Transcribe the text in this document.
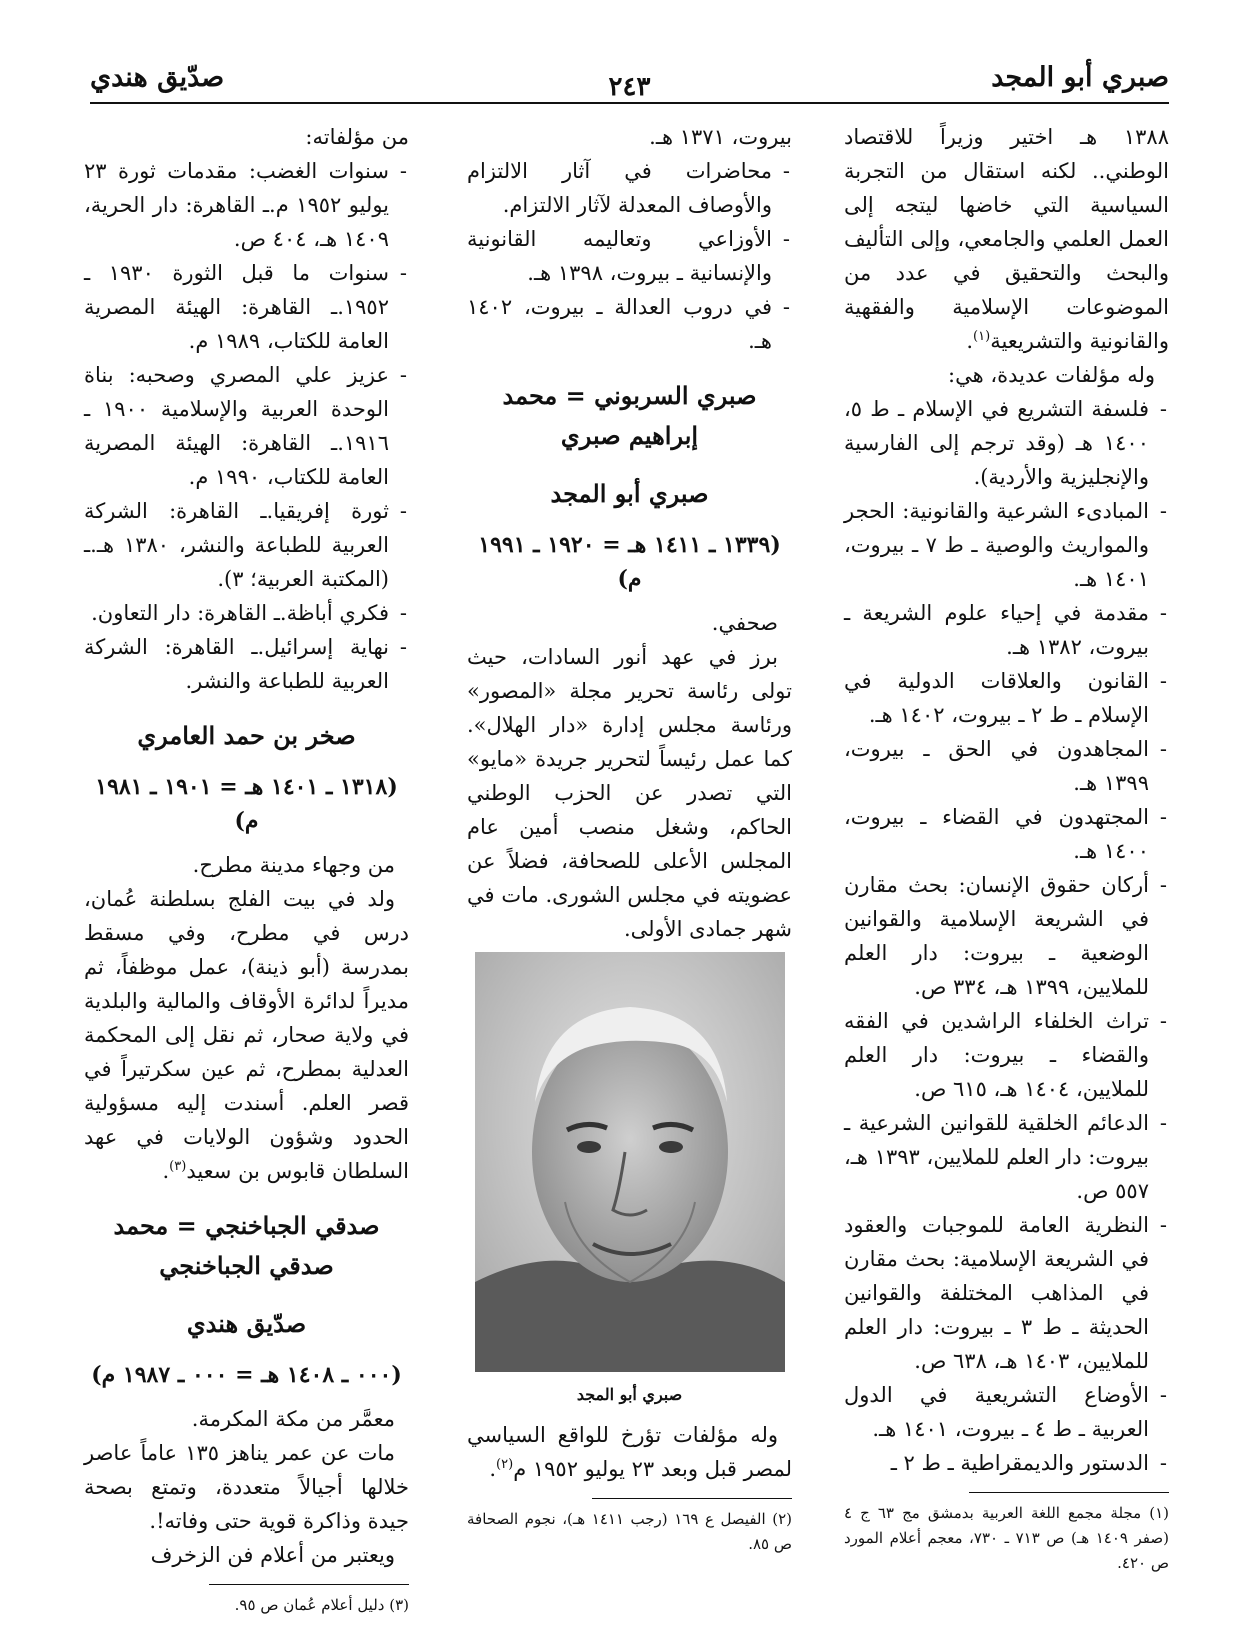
صبري أبو المجد
٢٤٣
صدّيق هندي

١٣٨٨ هـ اختير وزيراً للاقتصاد الوطني.. لكنه استقال من التجربة السياسية التي خاضها ليتجه إلى العمل العلمي والجامعي، وإلى التأليف والبحث والتحقيق في عدد من الموضوعات الإسلامية والفقهية والقانونية والتشريعية$^{(١)}$.

وله مؤلفات عديدة، هي:

- فلسفة التشريع في الإسلام ـ ط ٥، ١٤٠٠ هـ (وقد ترجم إلى الفارسية والإنجليزية والأردية).

- المبادىء الشرعية والقانونية: الحجر والمواريث والوصية ـ ط ٧ ـ بيروت، ١٤٠١ هـ.

- مقدمة في إحياء علوم الشريعة ـ بيروت، ١٣٨٢ هـ.

- القانون والعلاقات الدولية في الإسلام ـ ط ٢ ـ بيروت، ١٤٠٢ هـ.

- المجاهدون في الحق ـ بيروت، ١٣٩٩ هـ.

- المجتهدون في القضاء ـ بيروت، ١٤٠٠ هـ.

- أركان حقوق الإنسان: بحث مقارن في الشريعة الإسلامية والقوانين الوضعية ـ بيروت: دار العلم للملايين، ١٣٩٩ هـ، ٣٣٤ ص.

- تراث الخلفاء الراشدين في الفقه والقضاء ـ بيروت: دار العلم للملايين، ١٤٠٤ هـ، ٦١٥ ص.

- الدعائم الخلقية للقوانين الشرعية ـ بيروت: دار العلم للملايين، ١٣٩٣ هـ، ٥٥٧ ص.

- النظرية العامة للموجبات والعقود في الشريعة الإسلامية: بحث مقارن في المذاهب المختلفة والقوانين الحديثة ـ ط ٣ ـ بيروت: دار العلم للملايين، ١٤٠٣ هـ، ٦٣٨ ص.

- الأوضاع التشريعية في الدول العربية ـ ط ٤ ـ بيروت، ١٤٠١ هـ.

- الدستور والديمقراطية ـ ط ٢ ـ

(١) مجلة مجمع اللغة العربية بدمشق مج ٦٣ ج ٤ (صفر ١٤٠٩ هـ) ص ٧١٣ ـ ٧٣٠، معجم أعلام المورد ص ٤٢٠.

بيروت، ١٣٧١ هـ.

- محاضرات في آثار الالتزام والأوصاف المعدلة لآثار الالتزام.

- الأوزاعي وتعاليمه القانونية والإنسانية ـ بيروت، ١٣٩٨ هـ.

- في دروب العدالة ـ بيروت، ١٤٠٢ هـ.

صبري السربوني = محمد إبراهيم صبري
صبري أبو المجد
(١٣٣٩ ـ ١٤١١ هـ = ١٩٢٠ ـ ١٩٩١ م)

صحفي.

برز في عهد أنور السادات، حيث تولى رئاسة تحرير مجلة «المصور» ورئاسة مجلس إدارة «دار الهلال». كما عمل رئيساً لتحرير جريدة «مايو» التي تصدر عن الحزب الوطني الحاكم، وشغل منصب أمين عام المجلس الأعلى للصحافة، فضلاً عن عضويته في مجلس الشورى. مات في شهر جمادى الأولى.

صبري أبو المجد

وله مؤلفات تؤرخ للواقع السياسي لمصر قبل وبعد ٢٣ يوليو ١٩٥٢ م$^{(٢)}$.

(٢) الفيصل ع ١٦٩ (رجب ١٤١١ هـ)، نجوم الصحافة ص ٨٥.

من مؤلفاته:

- سنوات الغضب: مقدمات ثورة ٢٣ يوليو ١٩٥٢ م.ـ القاهرة: دار الحرية، ١٤٠٩ هـ، ٤٠٤ ص.

- سنوات ما قبل الثورة ١٩٣٠ ـ ١٩٥٢.ـ القاهرة: الهيئة المصرية العامة للكتاب، ١٩٨٩ م.

- عزيز علي المصري وصحبه: بناة الوحدة العربية والإسلامية ١٩٠٠ ـ ١٩١٦.ـ القاهرة: الهيئة المصرية العامة للكتاب، ١٩٩٠ م.

- ثورة إفريقيا.ـ القاهرة: الشركة العربية للطباعة والنشر، ١٣٨٠ هـ.ـ (المكتبة العربية؛ ٣).

- فكري أباظة.ـ القاهرة: دار التعاون.

- نهاية إسرائيل.ـ القاهرة: الشركة العربية للطباعة والنشر.

صخر بن حمد العامري
(١٣١٨ ـ ١٤٠١ هـ = ١٩٠١ ـ ١٩٨١ م)

من وجهاء مدينة مطرح.

ولد في بيت الفلج بسلطنة عُمان، درس في مطرح، وفي مسقط بمدرسة (أبو ذينة)، عمل موظفاً، ثم مديراً لدائرة الأوقاف والمالية والبلدية في ولاية صحار، ثم نقل إلى المحكمة العدلية بمطرح، ثم عين سكرتيراً في قصر العلم. أسندت إليه مسؤولية الحدود وشؤون الولايات في عهد السلطان قابوس بن سعيد$^{(٣)}$.

صدقي الجباخنجي = محمد صدقي الجباخنجي
صدّيق هندي
(٠٠٠ ـ ١٤٠٨ هـ = ٠٠٠ ـ ١٩٨٧ م)

معمَّر من مكة المكرمة.

مات عن عمر يناهز ١٣٥ عاماً عاصر خلالها أجيالاً متعددة، وتمتع بصحة جيدة وذاكرة قوية حتى وفاته!.

ويعتبر من أعلام فن الزخرف

(٣) دليل أعلام عُمان ص ٩٥.
